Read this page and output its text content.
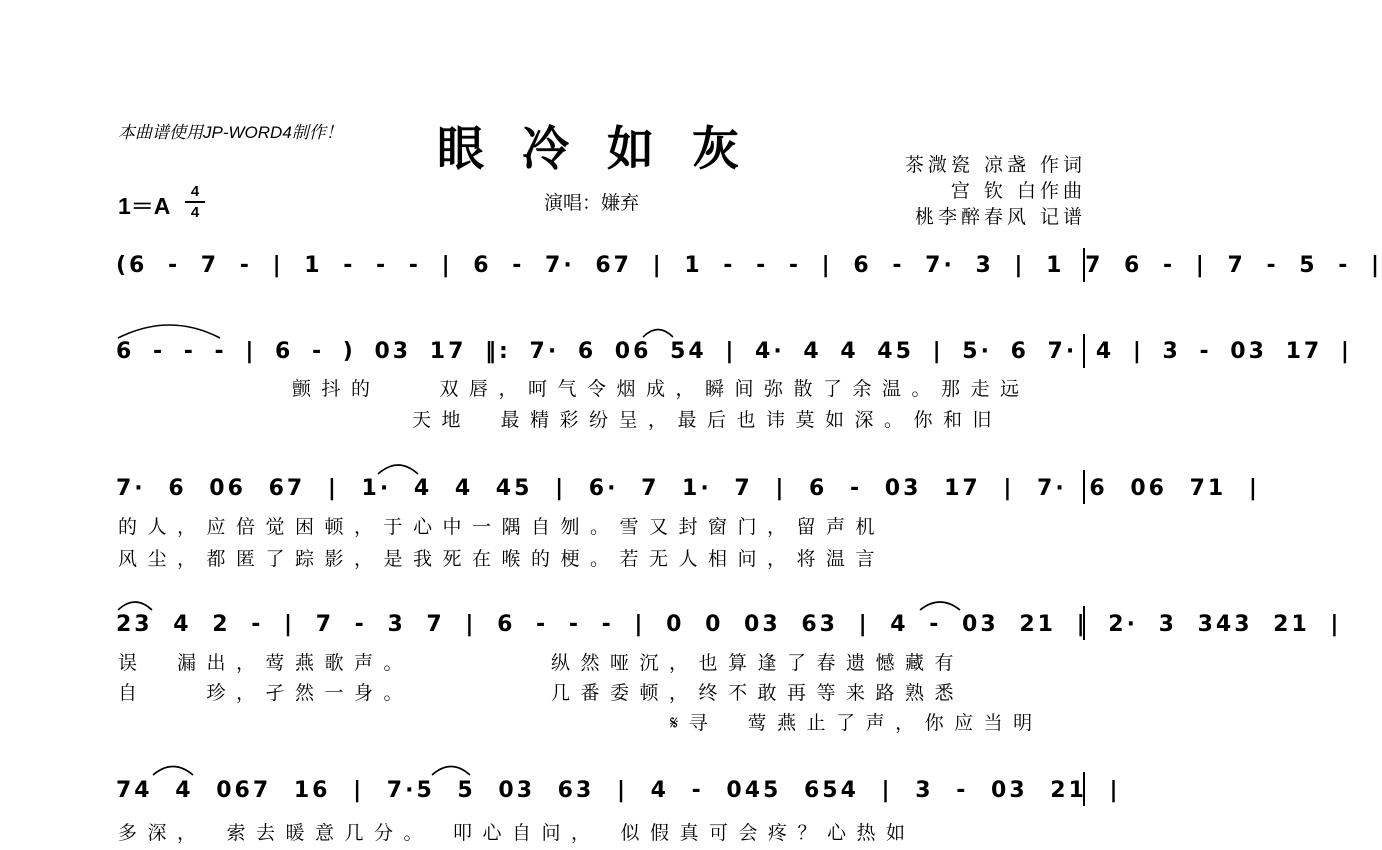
本曲谱使用JP-WORD4制作！ 眼冷如灰
1＝A
4
4	演唱：嫌弃
茶溦瓷 凉盏 作词
宫 钦 白作曲
桃李醉春风 记谱
(6 - 7 - | 1 - - - | 6 - 7· 67 | 1 - - - | 6 - 7· 3 | 1 7 6 - | 7 - 5 - |
6 - - - | 6 - ) 03 17 ‖: 7· 6 06 54 | 4· 4 4 45 | 5· 6 7· 4 | 3 - 03 17 |
7· 6 06 67 | 1· 4 4 45 | 6· 7 1· 7 | 6 - 03 17 | 7· 6 06 71 |
23 4 2 - | 7 - 3 7 | 6 - - - | 0 0 03 63 | 4 - 03 21 | 2· 3 343 21 |
74 4 067 16 | 7·5 5 03 63 | 4 - 045 654 | 3 - 03 21 |
颤抖的　　双唇，呵气令烟成，瞬间弥散了余温。那走远
天地　最精彩纷呈，最后也讳莫如深。你和旧
的人，应倍觉困顿，于心中一隅自刎。雪又封窗门，留声机
风尘，都匿了踪影，是我死在喉的梗。若无人相问，将温言
误　漏出，莺燕歌声。　　　　　纵然哑沉，也算逢了春遗憾藏有
自　　珍，孑然一身。　　　　　几番委顿，终不敢再等来路熟悉
𝄋寻　莺燕止了声，你应当明
多深，　索去暖意几分。　叩心自问，　似假真可会疼？心热如
